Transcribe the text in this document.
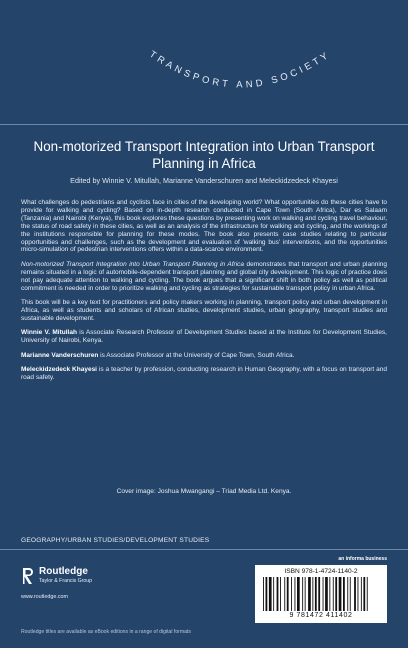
TRANSPORT AND SOCIETY
Non-motorized Transport Integration into Urban Transport Planning in Africa
Edited by Winnie V. Mitullah, Marianne Vanderschuren and Meleckidzedeck Khayesi

What challenges do pedestrians and cyclists face in cities of the developing world? What opportunities do these cities have to provide for walking and cycling? Based on in-depth research conducted in Cape Town (South Africa), Dar es Salaam (Tanzania) and Nairobi (Kenya), this book explores these questions by presenting work on walking and cycling travel behaviour, the status of road safety in these cities, as well as an analysis of the infrastructure for walking and cycling, and the workings of the institutions responsible for planning for these modes. The book also presents case studies relating to particular opportunities and challenges, such as the development and evaluation of 'walking bus' interventions, and the opportunities micro-simulation of pedestrian interventions offers within a data-scarce environment.

Non-motorized Transport Integration into Urban Transport Planning in Africa demonstrates that transport and urban planning remains situated in a logic of automobile-dependent transport planning and global city development. This logic of practice does not pay adequate attention to walking and cycling. The book argues that a significant shift in both policy as well as political commitment is needed in order to prioritize walking and cycling as strategies for sustainable transport policy in urban Africa.

This book will be a key text for practitioners and policy makers working in planning, transport policy and urban development in Africa, as well as students and scholars of African studies, development studies, urban geography, transport studies and sustainable development.

Winnie V. Mitullah is Associate Research Professor of Development Studies based at the Institute for Development Studies, University of Nairobi, Kenya.

Marianne Vanderschuren is Associate Professor at the University of Cape Town, South Africa.

Meleckidzedeck Khayesi is a teacher by profession, conducting research in Human Geography, with a focus on transport and road safety.

Cover image: Joshua Mwangangi – Triad Media Ltd. Kenya.
GEOGRAPHY/URBAN STUDIES/DEVELOPMENT STUDIES
an informa business
Routledge
Taylor & Francis Group
www.routledge.com
ISBN 978-1-4724-1140-2
9 781472 411402
Routledge titles are available as eBook editions in a range of digital formats
